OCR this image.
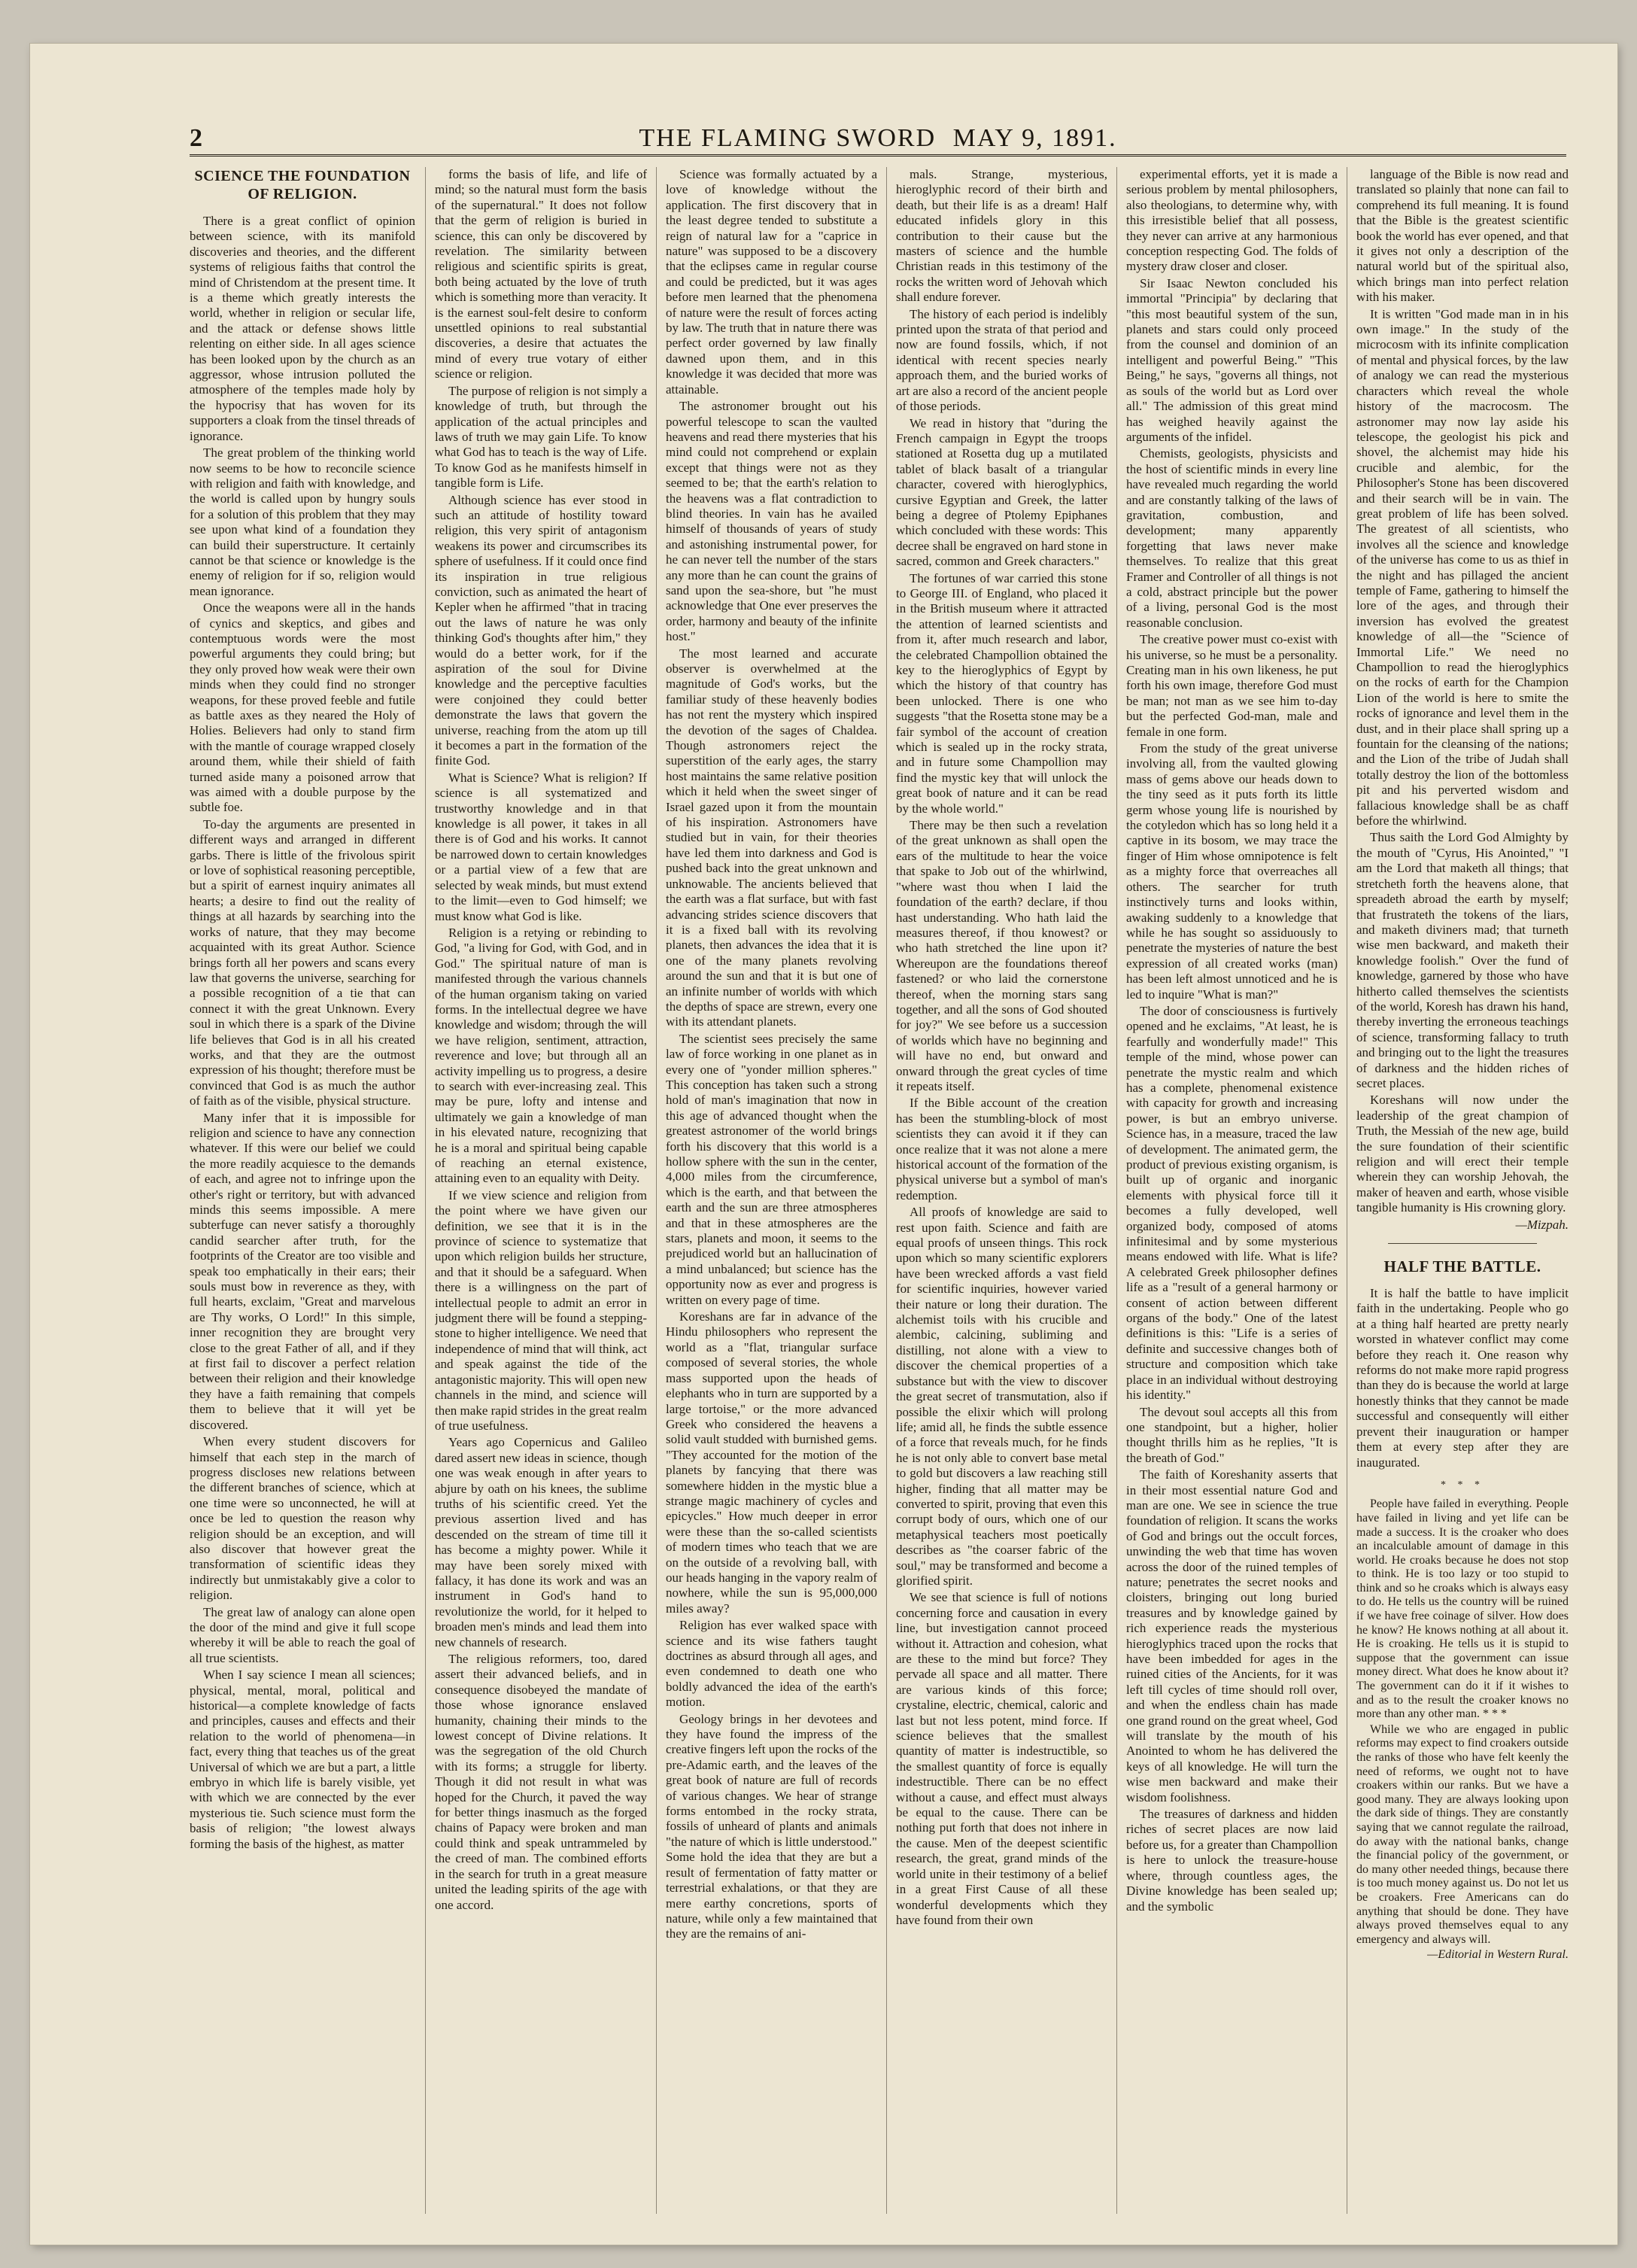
2	THE FLAMING SWORD MAY 9, 1891.
SCIENCE THE FOUNDATION
OF RELIGION.

There is a great conflict of opinion between science, with its manifold discoveries and theories, and the different systems of religious faiths that control the mind of Christendom at the present time. It is a theme which greatly interests the world, whether in religion or secular life, and the attack or defense shows little relenting on either side. In all ages science has been looked upon by the church as an aggressor, whose intrusion polluted the atmosphere of the temples made holy by the hypocrisy that has woven for its supporters a cloak from the tinsel threads of ignorance.

The great problem of the thinking world now seems to be how to reconcile science with religion and faith with knowledge, and the world is called upon by hungry souls for a solution of this problem that they may see upon what kind of a foundation they can build their superstructure. It certainly cannot be that science or knowledge is the enemy of religion for if so, religion would mean ignorance.

Once the weapons were all in the hands of cynics and skeptics, and gibes and contemptuous words were the most powerful arguments they could bring; but they only proved how weak were their own minds when they could find no stronger weapons, for these proved feeble and futile as battle axes as they neared the Holy of Holies. Believers had only to stand firm with the mantle of courage wrapped closely around them, while their shield of faith turned aside many a poisoned arrow that was aimed with a double purpose by the subtle foe.

To-day the arguments are presented in different ways and arranged in different garbs. There is little of the frivolous spirit or love of sophistical reasoning perceptible, but a spirit of earnest inquiry animates all hearts; a desire to find out the reality of things at all hazards by searching into the works of nature, that they may become acquainted with its great Author. Science brings forth all her powers and scans every law that governs the universe, searching for a possible recognition of a tie that can connect it with the great Unknown. Every soul in which there is a spark of the Divine life believes that God is in all his created works, and that they are the outmost expression of his thought; therefore must be convinced that God is as much the author of faith as of the visible, physical structure.

Many infer that it is impossible for religion and science to have any connection whatever. If this were our belief we could the more readily acquiesce to the demands of each, and agree not to infringe upon the other's right or territory, but with advanced minds this seems impossible. A mere subterfuge can never satisfy a thoroughly candid searcher after truth, for the footprints of the Creator are too visible and speak too emphatically in their ears; their souls must bow in reverence as they, with full hearts, exclaim, "Great and marvelous are Thy works, O Lord!" In this simple, inner recognition they are brought very close to the great Father of all, and if they at first fail to discover a perfect relation between their religion and their knowledge they have a faith remaining that compels them to believe that it will yet be discovered.

When every student discovers for himself that each step in the march of progress discloses new relations between the different branches of science, which at one time were so unconnected, he will at once be led to question the reason why religion should be an exception, and will also discover that however great the transformation of scientific ideas they indirectly but unmistakably give a color to religion.

The great law of analogy can alone open the door of the mind and give it full scope whereby it will be able to reach the goal of all true scientists.

When I say science I mean all sciences; physical, mental, moral, political and historical—a complete knowledge of facts and principles, causes and effects and their relation to the world of phenomena—in fact, every thing that teaches us of the great Universal of which we are but a part, a little embryo in which life is barely visible, yet with which we are connected by the ever mysterious tie. Such science must form the basis of religion; "the lowest always forming the basis of the highest, as matter

forms the basis of life, and life of mind; so the natural must form the basis of the supernatural." It does not follow that the germ of religion is buried in science, this can only be discovered by revelation. The similarity between religious and scientific spirits is great, both being actuated by the love of truth which is something more than veracity. It is the earnest soul-felt desire to conform unsettled opinions to real substantial discoveries, a desire that actuates the mind of every true votary of either science or religion.

The purpose of religion is not simply a knowledge of truth, but through the application of the actual principles and laws of truth we may gain Life. To know what God has to teach is the way of Life. To know God as he manifests himself in tangible form is Life.

Although science has ever stood in such an attitude of hostility toward religion, this very spirit of antagonism weakens its power and circumscribes its sphere of usefulness. If it could once find its inspiration in true religious conviction, such as animated the heart of Kepler when he affirmed "that in tracing out the laws of nature he was only thinking God's thoughts after him," they would do a better work, for if the aspiration of the soul for Divine knowledge and the perceptive faculties were conjoined they could better demonstrate the laws that govern the universe, reaching from the atom up till it becomes a part in the formation of the finite God.

What is Science? What is religion? If science is all systematized and trustworthy knowledge and in that knowledge is all power, it takes in all there is of God and his works. It cannot be narrowed down to certain knowledges or a partial view of a few that are selected by weak minds, but must extend to the limit—even to God himself; we must know what God is like.

Religion is a retying or rebinding to God, "a living for God, with God, and in God." The spiritual nature of man is manifested through the various channels of the human organism taking on varied forms. In the intellectual degree we have knowledge and wisdom; through the will we have religion, sentiment, attraction, reverence and love; but through all an activity impelling us to progress, a desire to search with ever-increasing zeal. This may be pure, lofty and intense and ultimately we gain a knowledge of man in his elevated nature, recognizing that he is a moral and spiritual being capable of reaching an eternal existence, attaining even to an equality with Deity.

If we view science and religion from the point where we have given our definition, we see that it is in the province of science to systematize that upon which religion builds her structure, and that it should be a safeguard. When there is a willingness on the part of intellectual people to admit an error in judgment there will be found a stepping-stone to higher intelligence. We need that independence of mind that will think, act and speak against the tide of the antagonistic majority. This will open new channels in the mind, and science will then make rapid strides in the great realm of true usefulness.

Years ago Copernicus and Galileo dared assert new ideas in science, though one was weak enough in after years to abjure by oath on his knees, the sublime truths of his scientific creed. Yet the previous assertion lived and has descended on the stream of time till it has become a mighty power. While it may have been sorely mixed with fallacy, it has done its work and was an instrument in God's hand to revolutionize the world, for it helped to broaden men's minds and lead them into new channels of research.

The religious reformers, too, dared assert their advanced beliefs, and in consequence disobeyed the mandate of those whose ignorance enslaved humanity, chaining their minds to the lowest concept of Divine relations. It was the segregation of the old Church with its forms; a struggle for liberty. Though it did not result in what was hoped for the Church, it paved the way for better things inasmuch as the forged chains of Papacy were broken and man could think and speak untrammeled by the creed of man. The combined efforts in the search for truth in a great measure united the leading spirits of the age with one accord.

Science was formally actuated by a love of knowledge without the application. The first discovery that in the least degree tended to substitute a reign of natural law for a "caprice in nature" was supposed to be a discovery that the eclipses came in regular course and could be predicted, but it was ages before men learned that the phenomena of nature were the result of forces acting by law. The truth that in nature there was perfect order governed by law finally dawned upon them, and in this knowledge it was decided that more was attainable.

The astronomer brought out his powerful telescope to scan the vaulted heavens and read there mysteries that his mind could not comprehend or explain except that things were not as they seemed to be; that the earth's relation to the heavens was a flat contradiction to blind theories. In vain has he availed himself of thousands of years of study and astonishing instrumental power, for he can never tell the number of the stars any more than he can count the grains of sand upon the sea-shore, but "he must acknowledge that One ever preserves the order, harmony and beauty of the infinite host."

The most learned and accurate observer is overwhelmed at the magnitude of God's works, but the familiar study of these heavenly bodies has not rent the mystery which inspired the devotion of the sages of Chaldea. Though astronomers reject the superstition of the early ages, the starry host maintains the same relative position which it held when the sweet singer of Israel gazed upon it from the mountain of his inspiration. Astronomers have studied but in vain, for their theories have led them into darkness and God is pushed back into the great unknown and unknowable. The ancients believed that the earth was a flat surface, but with fast advancing strides science discovers that it is a fixed ball with its revolving planets, then advances the idea that it is one of the many planets revolving around the sun and that it is but one of an infinite number of worlds with which the depths of space are strewn, every one with its attendant planets.

The scientist sees precisely the same law of force working in one planet as in every one of "yonder million spheres." This conception has taken such a strong hold of man's imagination that now in this age of advanced thought when the greatest astronomer of the world brings forth his discovery that this world is a hollow sphere with the sun in the center, 4,000 miles from the circumference, which is the earth, and that between the earth and the sun are three atmospheres and that in these atmospheres are the stars, planets and moon, it seems to the prejudiced world but an hallucination of a mind unbalanced; but science has the opportunity now as ever and progress is written on every page of time.

Koreshans are far in advance of the Hindu philosophers who represent the world as a "flat, triangular surface composed of several stories, the whole mass supported upon the heads of elephants who in turn are supported by a large tortoise," or the more advanced Greek who considered the heavens a solid vault studded with burnished gems. "They accounted for the motion of the planets by fancying that there was somewhere hidden in the mystic blue a strange magic machinery of cycles and epicycles." How much deeper in error were these than the so-called scientists of modern times who teach that we are on the outside of a revolving ball, with our heads hanging in the vapory realm of nowhere, while the sun is 95,000,000 miles away?

Religion has ever walked space with science and its wise fathers taught doctrines as absurd through all ages, and even condemned to death one who boldly advanced the idea of the earth's motion.

Geology brings in her devotees and they have found the impress of the creative fingers left upon the rocks of the pre-Adamic earth, and the leaves of the great book of nature are full of records of various changes. We hear of strange forms entombed in the rocky strata, fossils of unheard of plants and animals "the nature of which is little understood." Some hold the idea that they are but a result of fermentation of fatty matter or terrestrial exhalations, or that they are mere earthy concretions, sports of nature, while only a few maintained that they are the remains of ani-

mals. Strange, mysterious, hieroglyphic record of their birth and death, but their life is as a dream! Half educated infidels glory in this contribution to their cause but the masters of science and the humble Christian reads in this testimony of the rocks the written word of Jehovah which shall endure forever.

The history of each period is indelibly printed upon the strata of that period and now are found fossils, which, if not identical with recent species nearly approach them, and the buried works of art are also a record of the ancient people of those periods.

We read in history that "during the French campaign in Egypt the troops stationed at Rosetta dug up a mutilated tablet of black basalt of a triangular character, covered with hieroglyphics, cursive Egyptian and Greek, the latter being a degree of Ptolemy Epiphanes which concluded with these words: This decree shall be engraved on hard stone in sacred, common and Greek characters."

The fortunes of war carried this stone to George III. of England, who placed it in the British museum where it attracted the attention of learned scientists and from it, after much research and labor, the celebrated Champollion obtained the key to the hieroglyphics of Egypt by which the history of that country has been unlocked. There is one who suggests "that the Rosetta stone may be a fair symbol of the account of creation which is sealed up in the rocky strata, and in future some Champollion may find the mystic key that will unlock the great book of nature and it can be read by the whole world."

There may be then such a revelation of the great unknown as shall open the ears of the multitude to hear the voice that spake to Job out of the whirlwind, "where wast thou when I laid the foundation of the earth? declare, if thou hast understanding. Who hath laid the measures thereof, if thou knowest? or who hath stretched the line upon it? Whereupon are the foundations thereof fastened? or who laid the cornerstone thereof, when the morning stars sang together, and all the sons of God shouted for joy?" We see before us a succession of worlds which have no beginning and will have no end, but onward and onward through the great cycles of time it repeats itself.

If the Bible account of the creation has been the stumbling-block of most scientists they can avoid it if they can once realize that it was not alone a mere historical account of the formation of the physical universe but a symbol of man's redemption.

All proofs of knowledge are said to rest upon faith. Science and faith are equal proofs of unseen things. This rock upon which so many scientific explorers have been wrecked affords a vast field for scientific inquiries, however varied their nature or long their duration. The alchemist toils with his crucible and alembic, calcining, subliming and distilling, not alone with a view to discover the chemical properties of a substance but with the view to discover the great secret of transmutation, also if possible the elixir which will prolong life; amid all, he finds the subtle essence of a force that reveals much, for he finds he is not only able to convert base metal to gold but discovers a law reaching still higher, finding that all matter may be converted to spirit, proving that even this corrupt body of ours, which one of our metaphysical teachers most poetically describes as "the coarser fabric of the soul," may be transformed and become a glorified spirit.

We see that science is full of notions concerning force and causation in every line, but investigation cannot proceed without it. Attraction and cohesion, what are these to the mind but force? They pervade all space and all matter. There are various kinds of this force; crystaline, electric, chemical, caloric and last but not less potent, mind force. If science believes that the smallest quantity of matter is indestructible, so the smallest quantity of force is equally indestructible. There can be no effect without a cause, and effect must always be equal to the cause. There can be nothing put forth that does not inhere in the cause. Men of the deepest scientific research, the great, grand minds of the world unite in their testimony of a belief in a great First Cause of all these wonderful developments which they have found from their own

experimental efforts, yet it is made a serious problem by mental philosophers, also theologians, to determine why, with this irresistible belief that all possess, they never can arrive at any harmonious conception respecting God. The folds of mystery draw closer and closer.

Sir Isaac Newton concluded his immortal "Principia" by declaring that "this most beautiful system of the sun, planets and stars could only proceed from the counsel and dominion of an intelligent and powerful Being." "This Being," he says, "governs all things, not as souls of the world but as Lord over all." The admission of this great mind has weighed heavily against the arguments of the infidel.

Chemists, geologists, physicists and the host of scientific minds in every line have revealed much regarding the world and are constantly talking of the laws of gravitation, combustion, and development; many apparently forgetting that laws never make themselves. To realize that this great Framer and Controller of all things is not a cold, abstract principle but the power of a living, personal God is the most reasonable conclusion.

The creative power must co-exist with his universe, so he must be a personality. Creating man in his own likeness, he put forth his own image, therefore God must be man; not man as we see him to-day but the perfected God-man, male and female in one form.

From the study of the great universe involving all, from the vaulted glowing mass of gems above our heads down to the tiny seed as it puts forth its little germ whose young life is nourished by the cotyledon which has so long held it a captive in its bosom, we may trace the finger of Him whose omnipotence is felt as a mighty force that overreaches all others. The searcher for truth instinctively turns and looks within, awaking suddenly to a knowledge that while he has sought so assiduously to penetrate the mysteries of nature the best expression of all created works (man) has been left almost unnoticed and he is led to inquire "What is man?"

The door of consciousness is furtively opened and he exclaims, "At least, he is fearfully and wonderfully made!" This temple of the mind, whose power can penetrate the mystic realm and which has a complete, phenomenal existence with capacity for growth and increasing power, is but an embryo universe. Science has, in a measure, traced the law of development. The animated germ, the product of previous existing organism, is built up of organic and inorganic elements with physical force till it becomes a fully developed, well organized body, composed of atoms infinitesimal and by some mysterious means endowed with life. What is life? A celebrated Greek philosopher defines life as a "result of a general harmony or consent of action between different organs of the body." One of the latest definitions is this: "Life is a series of definite and successive changes both of structure and composition which take place in an individual without destroying his identity."

The devout soul accepts all this from one standpoint, but a higher, holier thought thrills him as he replies, "It is the breath of God."

The faith of Koreshanity asserts that in their most essential nature God and man are one. We see in science the true foundation of religion. It scans the works of God and brings out the occult forces, unwinding the web that time has woven across the door of the ruined temples of nature; penetrates the secret nooks and cloisters, bringing out long buried treasures and by knowledge gained by rich experience reads the mysterious hieroglyphics traced upon the rocks that have been imbedded for ages in the ruined cities of the Ancients, for it was left till cycles of time should roll over, and when the endless chain has made one grand round on the great wheel, God will translate by the mouth of his Anointed to whom he has delivered the keys of all knowledge. He will turn the wise men backward and make their wisdom foolishness.

The treasures of darkness and hidden riches of secret places are now laid before us, for a greater than Champollion is here to unlock the treasure-house where, through countless ages, the Divine knowledge has been sealed up; and the symbolic

language of the Bible is now read and translated so plainly that none can fail to comprehend its full meaning. It is found that the Bible is the greatest scientific book the world has ever opened, and that it gives not only a description of the natural world but of the spiritual also, which brings man into perfect relation with his maker.

It is written "God made man in in his own image." In the study of the microcosm with its infinite complication of mental and physical forces, by the law of analogy we can read the mysterious characters which reveal the whole history of the macrocosm. The astronomer may now lay aside his telescope, the geologist his pick and shovel, the alchemist may hide his crucible and alembic, for the Philosopher's Stone has been discovered and their search will be in vain. The great problem of life has been solved. The greatest of all scientists, who involves all the science and knowledge of the universe has come to us as thief in the night and has pillaged the ancient temple of Fame, gathering to himself the lore of the ages, and through their inversion has evolved the greatest knowledge of all—the "Science of Immortal Life." We need no Champollion to read the hieroglyphics on the rocks of earth for the Champion Lion of the world is here to smite the rocks of ignorance and level them in the dust, and in their place shall spring up a fountain for the cleansing of the nations; and the Lion of the tribe of Judah shall totally destroy the lion of the bottomless pit and his perverted wisdom and fallacious knowledge shall be as chaff before the whirlwind.

Thus saith the Lord God Almighty by the mouth of "Cyrus, His Anointed," "I am the Lord that maketh all things; that stretcheth forth the heavens alone, that spreadeth abroad the earth by myself; that frustrateth the tokens of the liars, and maketh diviners mad; that turneth wise men backward, and maketh their knowledge foolish." Over the fund of knowledge, garnered by those who have hitherto called themselves the scientists of the world, Koresh has drawn his hand, thereby inverting the erroneous teachings of science, transforming fallacy to truth and bringing out to the light the treasures of darkness and the hidden riches of secret places.

Koreshans will now under the leadership of the great champion of Truth, the Messiah of the new age, build the sure foundation of their scientific religion and will erect their temple wherein they can worship Jehovah, the maker of heaven and earth, whose visible tangible humanity is His crowning glory.

—Mizpah.
HALF THE BATTLE.

It is half the battle to have implicit faith in the undertaking. People who go at a thing half hearted are pretty nearly worsted in whatever conflict may come before they reach it. One reason why reforms do not make more rapid progress than they do is because the world at large honestly thinks that they cannot be made successful and consequently will either prevent their inauguration or hamper them at every step after they are inaugurated.

* * *

People have failed in everything. People have failed in living and yet life can be made a success. It is the croaker who does an incalculable amount of damage in this world. He croaks because he does not stop to think. He is too lazy or too stupid to think and so he croaks which is always easy to do. He tells us the country will be ruined if we have free coinage of silver. How does he know? He knows nothing at all about it. He is croaking. He tells us it is stupid to suppose that the government can issue money direct. What does he know about it? The government can do it if it wishes to and as to the result the croaker knows no more than any other man. * * *

While we who are engaged in public reforms may expect to find croakers outside the ranks of those who have felt keenly the need of reforms, we ought not to have croakers within our ranks. But we have a good many. They are always looking upon the dark side of things. They are constantly saying that we cannot regulate the railroad, do away with the national banks, change the financial policy of the government, or do many other needed things, because there is too much money against us. Do not let us be croakers. Free Americans can do anything that should be done. They have always proved themselves equal to any emergency and always will.

—Editorial in Western Rural.
